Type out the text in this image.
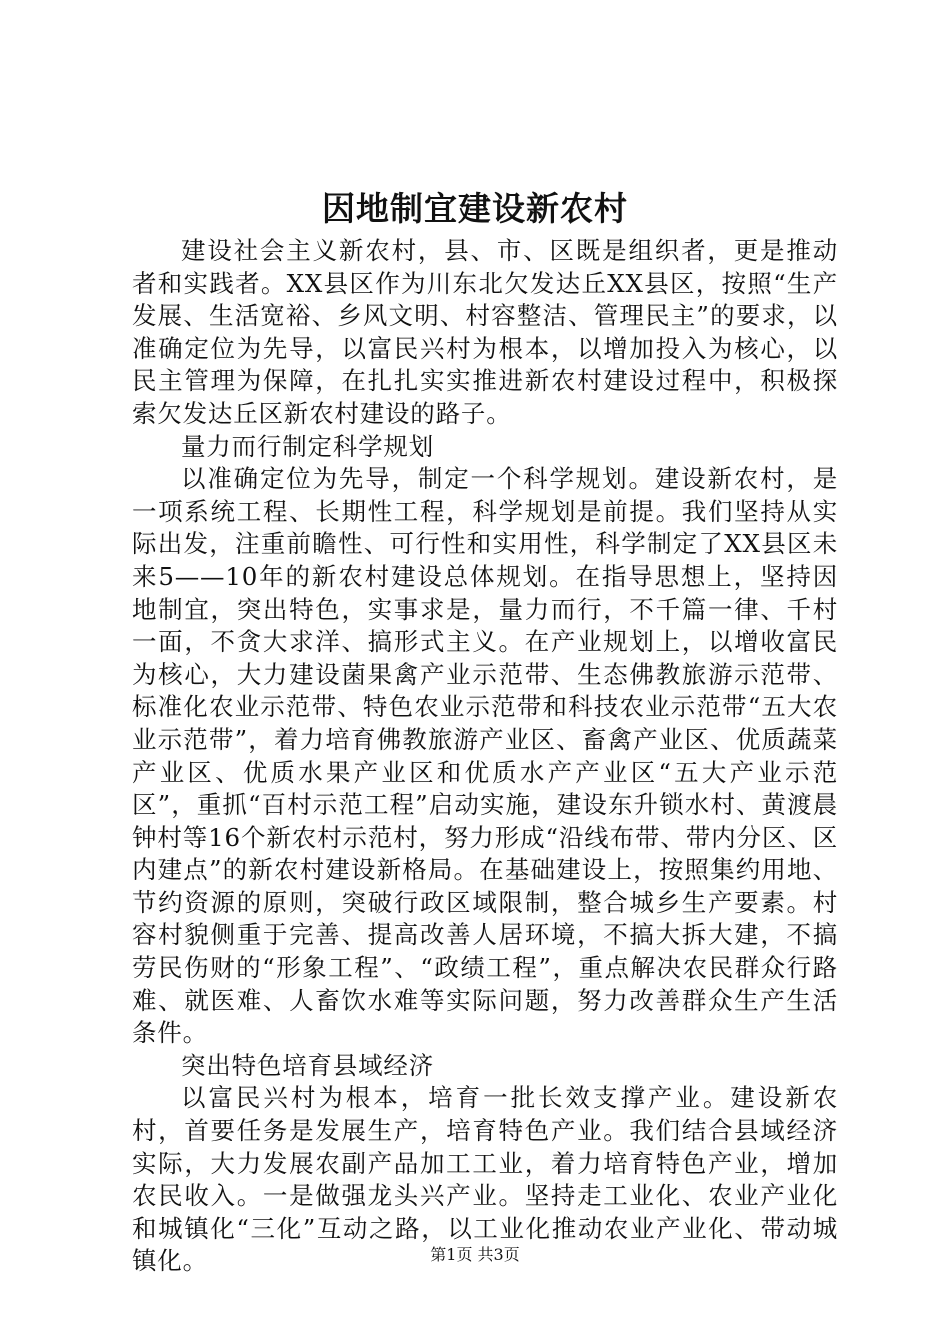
因地制宜建设新农村

建设社会主义新农村，县、市、区既是组织者，更是推动者和实践者。XX县区作为川东北欠发达丘XX县区，按照“生产发展、生活宽裕、乡风文明、村容整洁、管理民主”的要求，以准确定位为先导，以富民兴村为根本，以增加投入为核心，以民主管理为保障，在扎扎实实推进新农村建设过程中，积极探索欠发达丘区新农村建设的路子。

量力而行制定科学规划

以准确定位为先导，制定一个科学规划。建设新农村，是一项系统工程、长期性工程，科学规划是前提。我们坚持从实际出发，注重前瞻性、可行性和实用性，科学制定了XX县区未来5——10年的新农村建设总体规划。在指导思想上，坚持因地制宜，突出特色，实事求是，量力而行，不千篇一律、千村一面，不贪大求洋、搞形式主义。在产业规划上，以增收富民为核心，大力建设菌果禽产业示范带、生态佛教旅游示范带、标准化农业示范带、特色农业示范带和科技农业示范带“五大农业示范带”，着力培育佛教旅游产业区、畜禽产业区、优质蔬菜产业区、优质水果产业区和优质水产产业区“五大产业示范区”，重抓“百村示范工程”启动实施，建设东升锁水村、黄渡晨钟村等16个新农村示范村，努力形成“沿线布带、带内分区、区内建点”的新农村建设新格局。在基础建设上，按照集约用地、节约资源的原则，突破行政区域限制，整合城乡生产要素。村容村貌侧重于完善、提高改善人居环境，不搞大拆大建，不搞劳民伤财的“形象工程”、“政绩工程”，重点解决农民群众行路难、就医难、人畜饮水难等实际问题，努力改善群众生产生活条件。

突出特色培育县域经济

以富民兴村为根本，培育一批长效支撑产业。建设新农村，首要任务是发展生产，培育特色产业。我们结合县域经济实际，大力发展农副产品加工工业，着力培育特色产业，增加农民收入。一是做强龙头兴产业。坚持走工业化、农业产业化和城镇化“三化”互动之路，以工业化推动农业产业化、带动城镇化。	第1页 共3页
